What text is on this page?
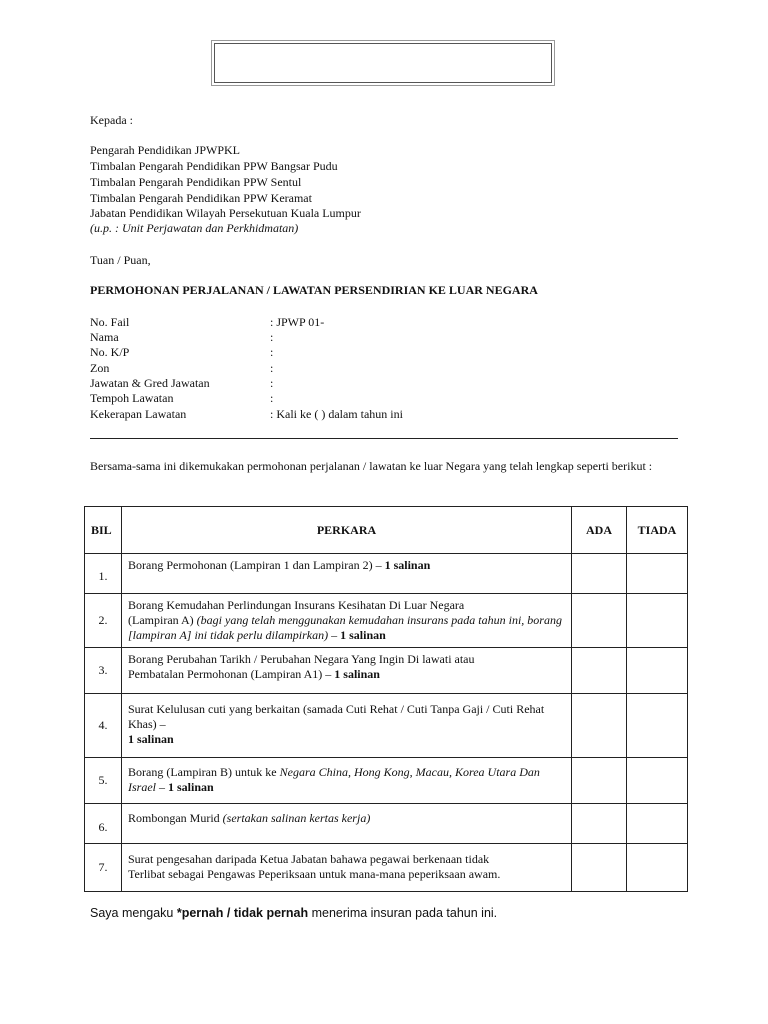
Kepada :
Pengarah Pendidikan JPWPKL
Timbalan Pengarah Pendidikan PPW Bangsar Pudu
Timbalan Pengarah Pendidikan PPW Sentul
Timbalan Pengarah Pendidikan PPW Keramat
Jabatan Pendidikan Wilayah Persekutuan Kuala Lumpur
(u.p. : Unit Perjawatan dan Perkhidmatan)
Tuan / Puan,
PERMOHONAN PERJALANAN / LAWATAN PERSENDIRIAN KE LUAR NEGARA
No. Fail	: JPWP 01-
Nama	:
No. K/P	:
Zon	:
Jawatan & Gred Jawatan	:
Tempoh Lawatan	:
Kekerapan Lawatan	: Kali ke ( ) dalam tahun ini
Bersama-sama ini dikemukakan permohonan perjalanan / lawatan ke luar Negara yang telah lengkap seperti berikut :
BIL	PERKARA	ADA	TIADA
1.	Borang Permohonan (Lampiran 1 dan Lampiran 2) – 1 salinan		
2.	Borang Kemudahan Perlindungan Insurans Kesihatan Di Luar Negara
(Lampiran A) (bagi yang telah menggunakan kemudahan insurans pada tahun ini, borang [lampiran A] ini tidak perlu dilampirkan) – 1 salinan		
3.	Borang Perubahan Tarikh / Perubahan Negara Yang Ingin Di lawati atau
Pembatalan Permohonan (Lampiran A1) – 1 salinan		
4.	Surat Kelulusan cuti yang berkaitan (samada Cuti Rehat / Cuti Tanpa Gaji / Cuti Rehat Khas) –
1 salinan		
5.	Borang (Lampiran B) untuk ke Negara China, Hong Kong, Macau, Korea Utara Dan Israel – 1 salinan		
6.	Rombongan Murid (sertakan salinan kertas kerja)		
7.	Surat pengesahan daripada Ketua Jabatan bahawa pegawai berkenaan tidak
Terlibat sebagai Pengawas Peperiksaan untuk mana-mana peperiksaan awam.		
Saya mengaku *pernah / tidak pernah menerima insuran pada tahun ini.
